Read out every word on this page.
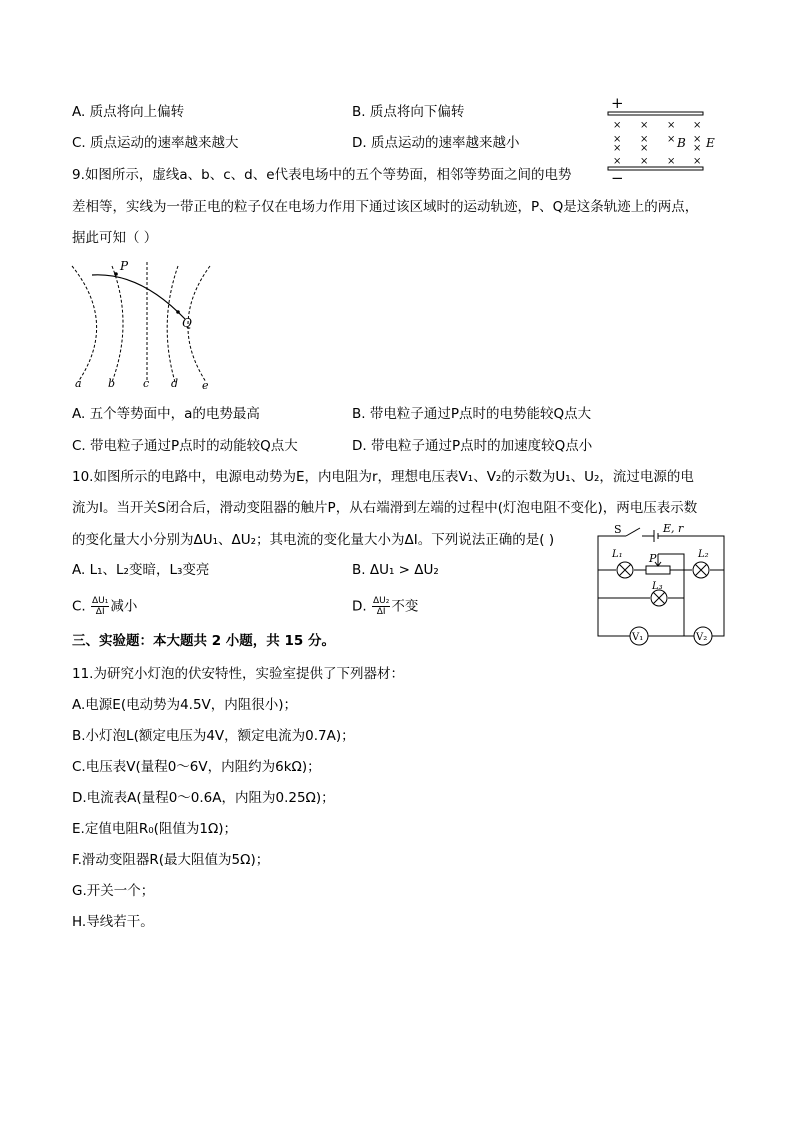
A. 质点将向上偏转	B. 质点将向下偏转
C. 质点运动的速率越来越大	D. 质点运动的速率越来越小
+
−
× × × ×
× × × ×
× ×	×
× × × ×
B E
9.如图所示，虚线a、b、c、d、e代表电场中的五个等势面，相邻等势面之间的电势
差相等，实线为一带正电的粒子仅在电场力作用下通过该区域时的运动轨迹，P、Q是这条轨迹上的两点，
据此可知（ ）
P
Q
a b	c d e
A. 五个等势面中，a的电势最高	B. 带电粒子通过P点时的电势能较Q点大
C. 带电粒子通过P点时的动能较Q点大	D. 带电粒子通过P点时的加速度较Q点小
10.如图所示的电路中，电源电动势为E，内电阻为r，理想电压表V₁、V₂的示数为U₁、U₂，流过电源的电
流为I。当开关S闭合后，滑动变阻器的触片P，从右端滑到左端的过程中(灯泡电阻不变化)，两电压表示数
的变化量大小分别为ΔU₁、ΔU₂；其电流的变化量大小为ΔI。下列说法正确的是( )
A. L₁、L₂变暗，L₃变亮	B. ΔU₁ > ΔU₂
C. $\frac{\text{ΔU₁}}{\Delta I}$ 减小	D. $\frac{\text{ΔU₂}}{\Delta I}$ 不变
V₁	V₂
S	E, r
L₁	L₂
L₃
P
三、实验题：本大题共 2 小题，共 15 分。
11.为研究小灯泡的伏安特性，实验室提供了下列器材：
A.电源E(电动势为4.5V，内阻很小)；
B.小灯泡L(额定电压为4V，额定电流为0.7A)；
C.电压表V(量程0～6V，内阻约为6kΩ)；
D.电流表A(量程0～0.6A，内阻为0.25Ω)；
E.定值电阻R₀(阻值为1Ω)；
F.滑动变阻器R(最大阻值为5Ω)；
G.开关一个；
H.导线若干。
